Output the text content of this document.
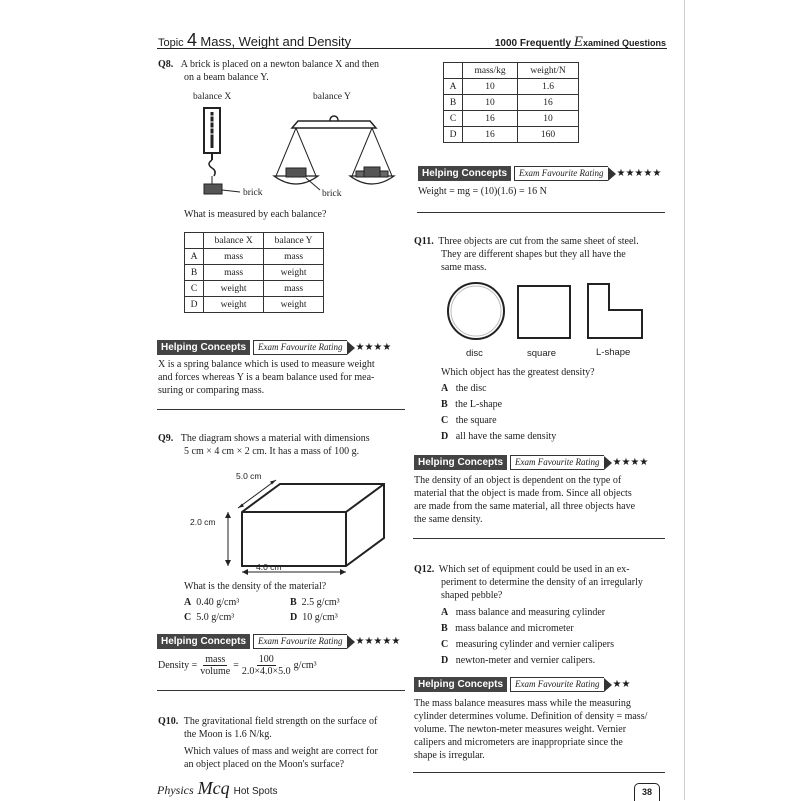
Topic 4 Mass, Weight and Density	1000 Frequently Examined Questions
Q8. A brick is placed on a newton balance X and then
on a beam balance Y.
balance X	balance Y
brick	brick
What is measured by each balance?
	balance X	balance Y
A	mass	mass
B	mass	weight
C	weight	mass
D	weight	weight
Helping Concepts	Exam Favourite Rating	★★★★
X is a spring balance which is used to measure weight
and forces whereas Y is a beam balance used for mea-
suring or comparing mass.
Q9. The diagram shows a material with dimensions
5 cm × 4 cm × 2 cm. It has a mass of 100 g.
5.0 cm
2.0 cm
4.0 cm
What is the density of the material?
A 0.40 g/cm³	B 2.5 g/cm³
C 5.0 g/cm³	D 10 g/cm³
Helping Concepts	Exam Favourite Rating	★★★★★
Density =
mass
volume
= $\frac{100}{2.0\times 4.0\times 5.0} g/cm^3$
Q10. The gravitational field strength on the surface of
the Moon is 1.6 N/kg.
Which values of mass and weight are correct for
an object placed on the Moon's surface?
	mass/kg	weight/N
A	10	1.6
B	10	16
C	16	10
D	16	160
Helping Concepts	Exam Favourite Rating	★★★★★
Weight = mg = (10)(1.6) = 16 N
Q11. Three objects are cut from the same sheet of steel.
They are different shapes but they all have the
same mass.
disc	square	L-shape
Which object has the greatest density?
A the disc
B the L-shape
C the square
D all have the same density
Helping Concepts	Exam Favourite Rating	★★★★
The density of an object is dependent on the type of
material that the object is made from. Since all objects
are made from the same material, all three objects have
the same density.
Q12. Which set of equipment could be used in an ex-
periment to determine the density of an irregularly
shaped pebble?
A mass balance and measuring cylinder
B mass balance and micrometer
C measuring cylinder and vernier calipers
D newton-meter and vernier calipers.
Helping Concepts	Exam Favourite Rating	★★
The mass balance measures mass while the measuring
cylinder determines volume. Definition of density = mass/
volume. The newton-meter measures weight. Vernier
calipers and micrometers are inappropriate since the
shape is irregular.
Physics Mcq Hot Spots	38
